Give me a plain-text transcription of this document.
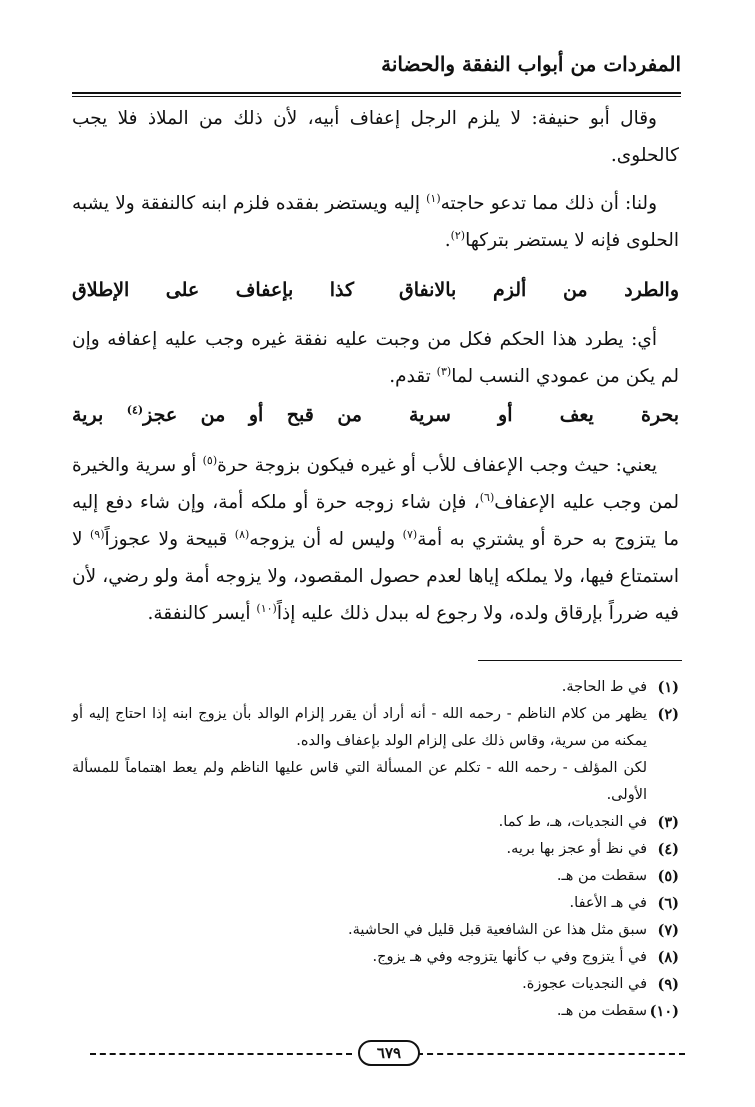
المفردات من أبواب النفقة والحضانة

وقال أبو حنيفة: لا يلزم الرجل إعفاف أبيه، لأن ذلك من الملاذ فلا يجب كالحلوى.

ولنا: أن ذلك مما تدعو حاجته$^{(١)}$ إليه ويستضر بفقده فلزم ابنه كالنفقة ولا يشبه الحلوى فإنه لا يستضر بتركها$^{(٢)}$.

والطرد من ألزم بالانفاق
كذا بإعفاف على الإطلاق

أي: يطرد هذا الحكم فكل من وجبت عليه نفقة غيره وجب عليه إعفافه وإن لم يكن من عمودي النسب لما$^{(٣)}$ تقدم.

بحرة يعف أو سرية
من قبح أو من عجز$^{(٤)}$ برية

يعني: حيث وجب الإعفاف للأب أو غيره فيكون بزوجة حرة$^{(٥)}$ أو سرية والخيرة لمن وجب عليه الإعفاف$^{(٦)}$، فإن شاء زوجه حرة أو ملكه أمة، وإن شاء دفع إليه ما يتزوج به حرة أو يشتري به أمة$^{(٧)}$ وليس له أن يزوجه$^{(٨)}$ قبيحة ولا عجوزاً$^{(٩)}$ لا استمتاع فيها، ولا يملكه إياها لعدم حصول المقصود، ولا يزوجه أمة ولو رضي، لأن فيه ضرراً بإرقاق ولده، ولا رجوع له ببدل ذلك عليه إذاً$^{(١٠)}$ أيسر كالنفقة.

(١)
في ط الحاجة.
(٢)
يظهر من كلام الناظم - رحمه الله - أنه أراد أن يقرر إلزام الوالد بأن يزوج ابنه إذا احتاج إليه أو يمكنه من سرية، وقاس ذلك على إلزام الولد بإعفاف والده.
لكن المؤلف - رحمه الله - تكلم عن المسألة التي قاس عليها الناظم ولم يعط اهتماماً للمسألة الأولى.
(٣)
في النجديات، هـ، ط كما.
(٤)
في نظ أو عجز بها بريه.
(٥)
سقطت من هـ.
(٦)
في هـ الأعفا.
(٧)
سبق مثل هذا عن الشافعية قبل قليل في الحاشية.
(٨)
في أ يتزوج وفي ب كأنها يتزوجه وفي هـ يزوج.
(٩)
في النجديات عجوزة.
(١٠)
سقطت من هـ.
٦٧٩
